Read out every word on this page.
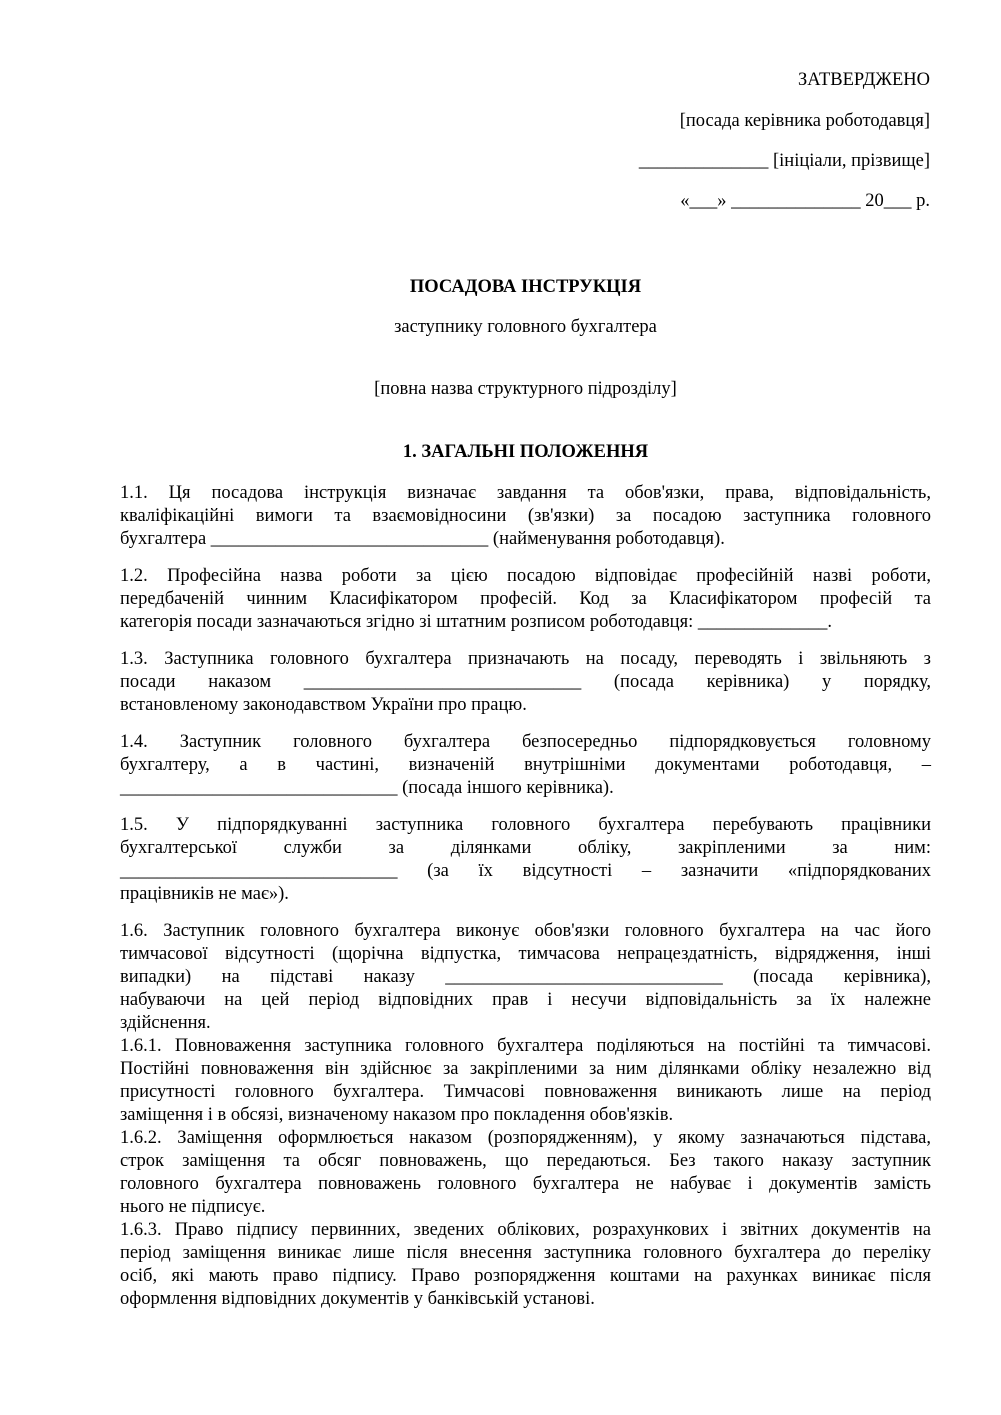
ЗАТВЕРДЖЕНО
[посада керівника роботодавця]
______________ [ініціали, прізвище]
«___» ______________ 20___ р.
ПОСАДОВА ІНСТРУКЦІЯ
заступнику головного бухгалтера
[повна назва структурного підрозділу]
1. ЗАГАЛЬНІ ПОЛОЖЕННЯ
1.1. Ця посадова інструкція визначає завдання та обов'язки, права, відповідальність,
кваліфікаційні вимоги та взаємовідносини (зв'язки) за посадою заступника головного
бухгалтера ______________________________ (найменування роботодавця).
1.2. Професійна назва роботи за цією посадою відповідає професійній назві роботи,
передбаченій чинним Класифікатором професій. Код за Класифікатором професій та
категорія посади зазначаються згідно зі штатним розписом роботодавця: ______________.
1.3. Заступника головного бухгалтера призначають на посаду, переводять і звільняють з
посади наказом ______________________________ (посада керівника) у порядку,
встановленому законодавством України про працю.
1.4. Заступник головного бухгалтера безпосередньо підпорядковується головному
бухгалтеру, а в частині, визначеній внутрішніми документами роботодавця, –
______________________________ (посада іншого керівника).
1.5. У підпорядкуванні заступника головного бухгалтера перебувають працівники
бухгалтерської служби за ділянками обліку, закріпленими за ним:
______________________________ (за їх відсутності – зазначити «підпорядкованих
працівників не має»).
1.6. Заступник головного бухгалтера виконує обов'язки головного бухгалтера на час його
тимчасової відсутності (щорічна відпустка, тимчасова непрацездатність, відрядження, інші
випадки) на підставі наказу ______________________________ (посада керівника),
набуваючи на цей період відповідних прав і несучи відповідальність за їх належне
здійснення.
1.6.1. Повноваження заступника головного бухгалтера поділяються на постійні та тимчасові.
Постійні повноваження він здійснює за закріпленими за ним ділянками обліку незалежно від
присутності головного бухгалтера. Тимчасові повноваження виникають лише на період
заміщення і в обсязі, визначеному наказом про покладення обов'язків.
1.6.2. Заміщення оформлюється наказом (розпорядженням), у якому зазначаються підстава,
строк заміщення та обсяг повноважень, що передаються. Без такого наказу заступник
головного бухгалтера повноважень головного бухгалтера не набуває і документів замість
нього не підписує.
1.6.3. Право підпису первинних, зведених облікових, розрахункових і звітних документів на
період заміщення виникає лише після внесення заступника головного бухгалтера до переліку
осіб, які мають право підпису. Право розпорядження коштами на рахунках виникає після
оформлення відповідних документів у банківській установі.
